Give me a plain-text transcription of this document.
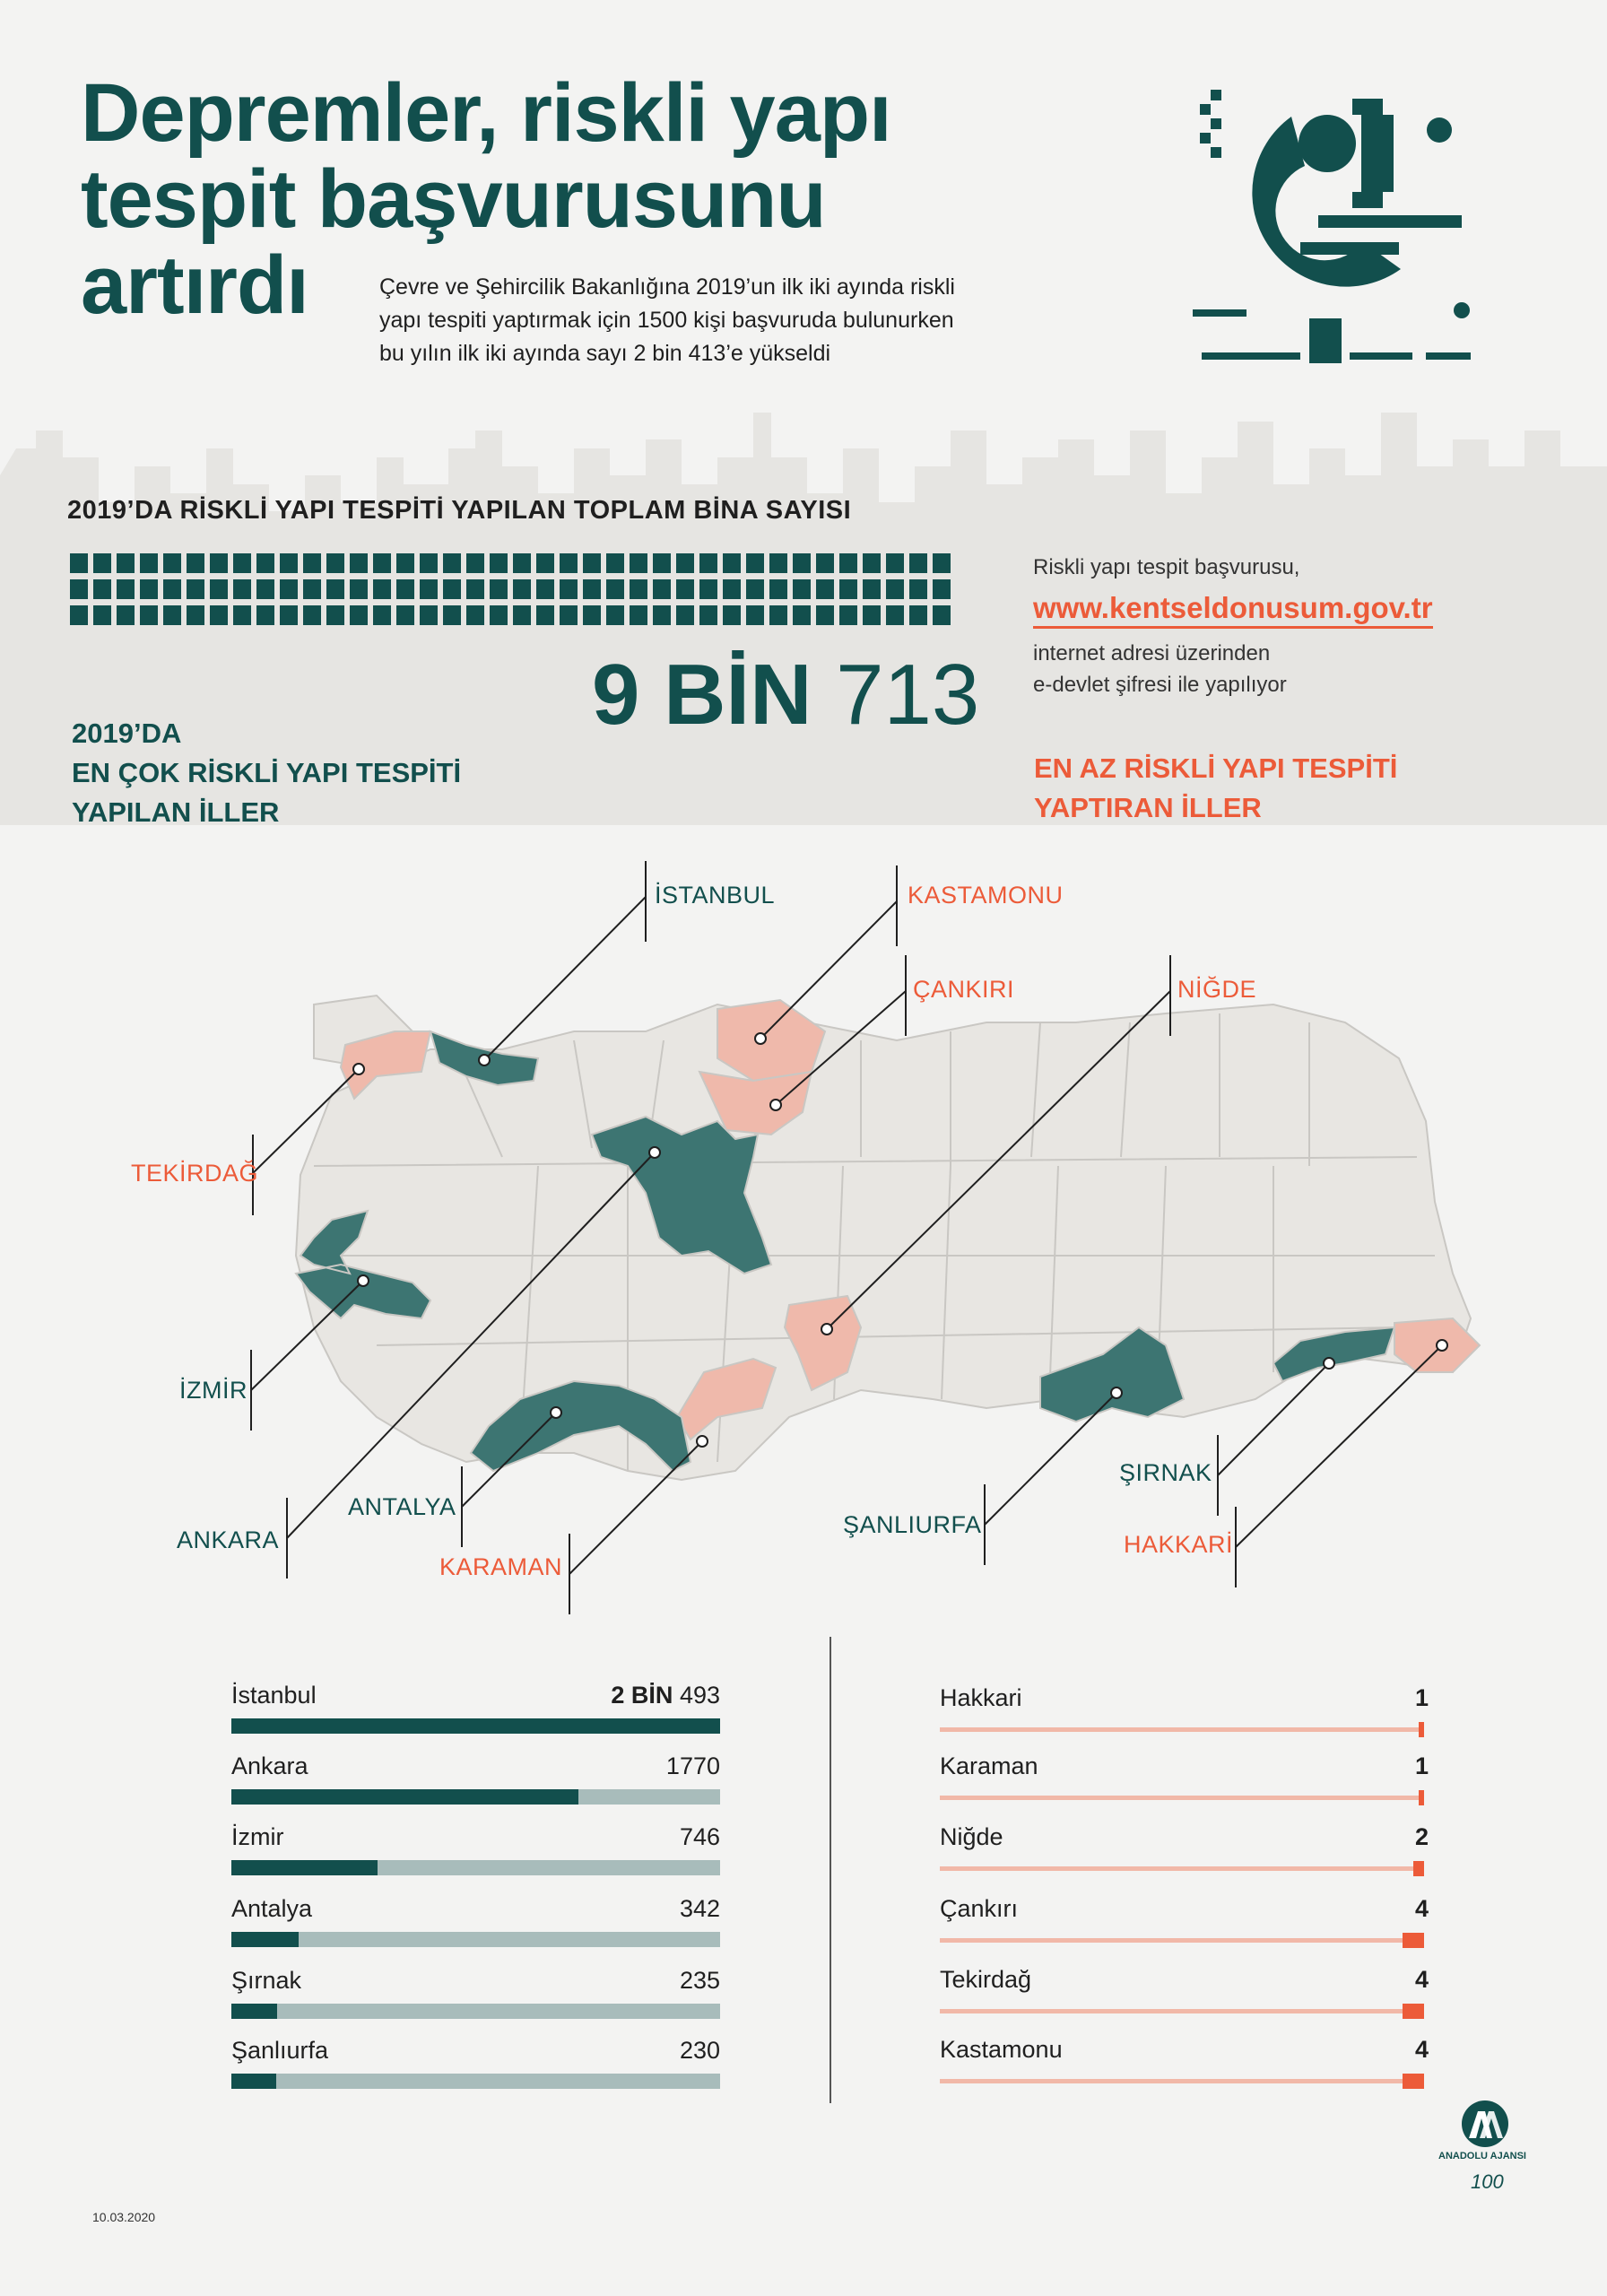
Depremler, riskli yapı
tespit başvurusunu
artırdı	Çevre ve Şehircilik Bakanlığına 2019’un ilk iki ayında riskli
yapı tespiti yaptırmak için 1500 kişi başvuruda bulunurken
bu yılın ilk iki ayında sayı 2 bin 413’e yükseldi
2019’DA RİSKLİ YAPI TESPİTİ YAPILAN TOPLAM BİNA SAYISI
9 BİN 713
Riskli yapı tespit başvurusu,
www.kentseldonusum.gov.tr
internet adresi üzerinden
e-devlet şifresi ile yapılıyor
2019’DA
EN ÇOK RİSKLİ YAPI TESPİTİ
YAPILAN İLLER
EN AZ RİSKLİ YAPI TESPİTİ
YAPTIRAN İLLER
İSTANBUL	KASTAMONU
ÇANKIRI	NİĞDE
TEKİRDAĞ
İZMİR
ANKARA
ANTALYA
KARAMAN
ŞANLIURFA
ŞIRNAK
HAKKARİ
İstanbul	2 BİN 493
Ankara	1770
İzmir	746
Antalya	342
Şırnak	235
Şanlıurfa	230
Hakkari	1
Karaman	1
Niğde	2
Çankırı	4
Tekirdağ	4
Kastamonu	4
10.03.2020
ANADOLU AJANSI
100
